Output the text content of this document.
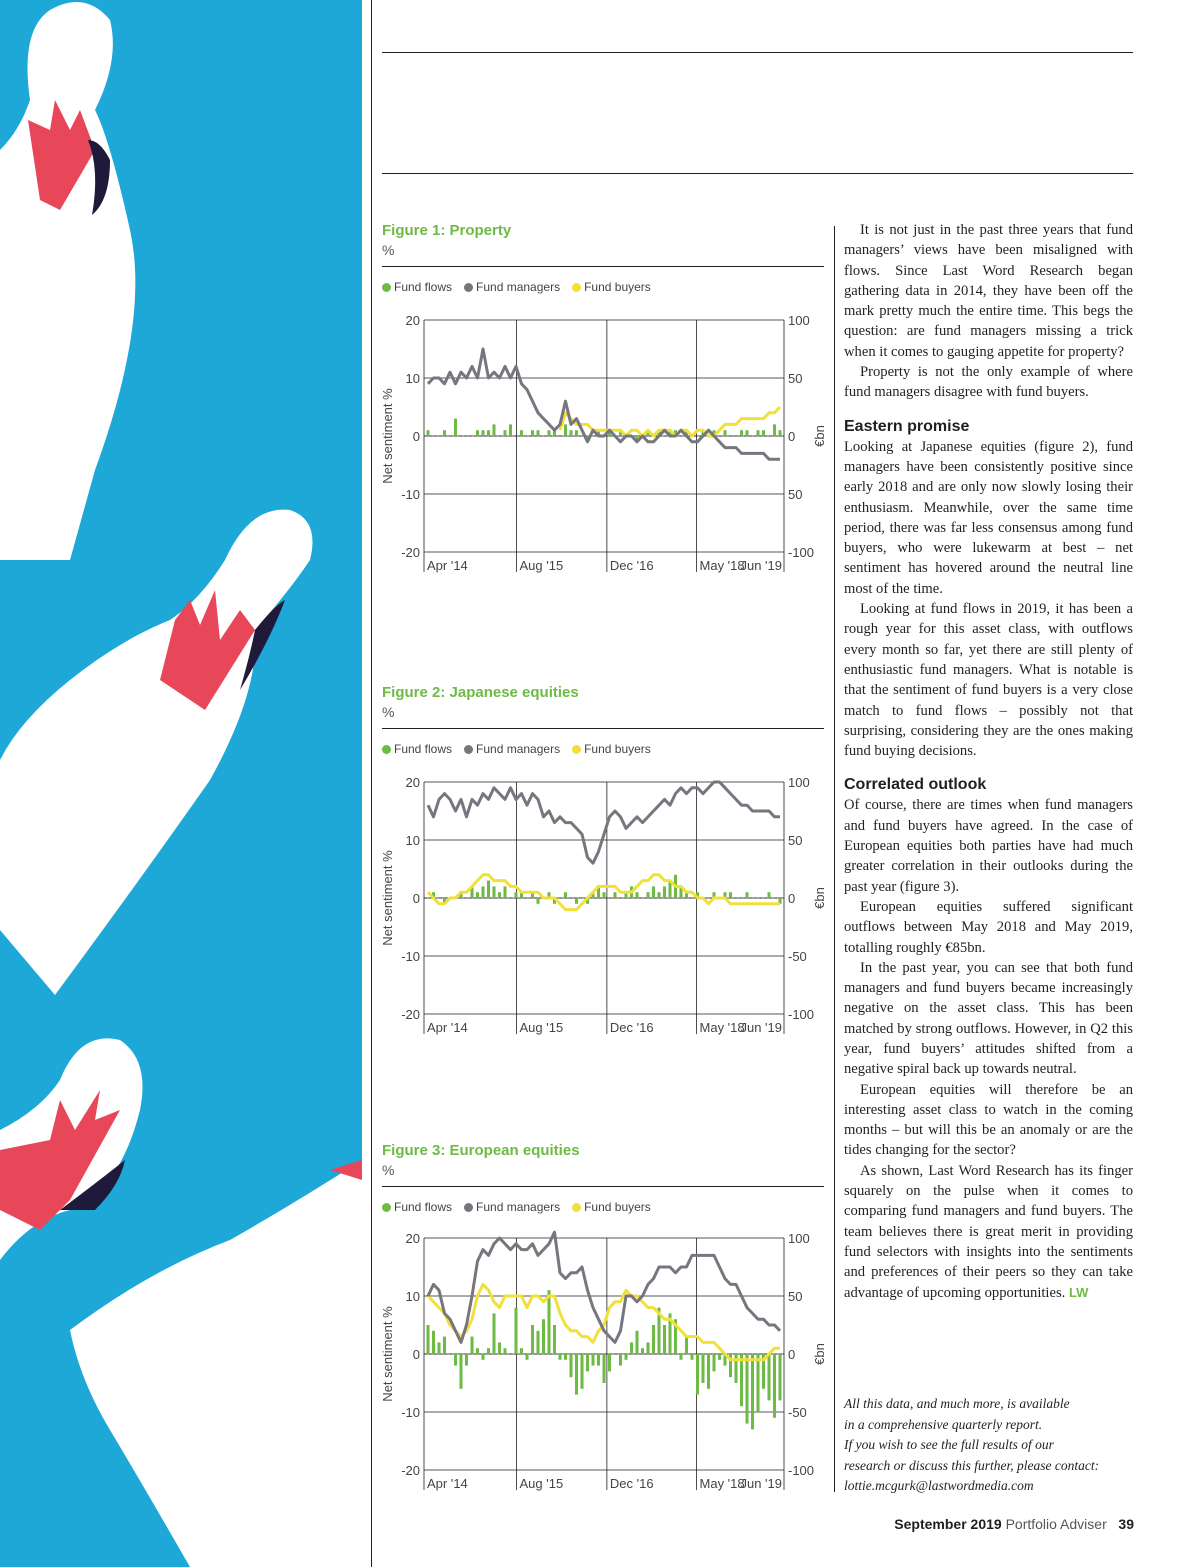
Figure 1: Property
%
Fund flows	Fund managers	Fund buyers
20	100
10	50
0	0
-10	50
-20	-100
Apr '14	Aug '15	Dec '16	May '18
Jun '19
Net sentiment %	€bn
Figure 2: Japanese equities
%
Fund flows	Fund managers	Fund buyers
20	100
10	50
0	0
-10	-50
-20	-100
Apr '14	Aug '15	Dec '16	May '18
Jun '19
Net sentiment %	€bn
Figure 3: European equities
%
Fund flows	Fund managers	Fund buyers
20	100
10	50
0	0
-10	-50
-20	-100
Apr '14	Aug '15	Dec '16	May '18
Jun '19
Net sentiment %	€bn

It is not just in the past three years that fund managers’ views have been misaligned with flows. Since Last Word Research began gathering data in 2014, they have been off the mark pretty much the entire time. This begs the question: are fund managers missing a trick when it comes to gauging appetite for property?

Property is not the only example of where fund managers disagree with fund buyers.

Eastern promise

Looking at Japanese equities (figure 2), fund managers have been consistently positive since early 2018 and are only now slowly losing their enthusiasm. Meanwhile, over the same time period, there was far less consensus among fund buyers, who were lukewarm at best – net sentiment has hovered around the neutral line most of the time.

Looking at fund flows in 2019, it has been a rough year for this asset class, with outflows every month so far, yet there are still plenty of enthusiastic fund managers. What is notable is that the sentiment of fund buyers is a very close match to fund flows – possibly not that surprising, considering they are the ones making fund buying decisions.

Correlated outlook

Of course, there are times when fund managers and fund buyers have agreed. In the case of European equities both parties have had much greater correlation in their outlooks during the past year (figure 3).

European equities suffered significant outflows between May 2018 and May 2019, totalling roughly €85bn.

In the past year, you can see that both fund managers and fund buyers became increasingly negative on the asset class. This has been matched by strong outflows. However, in Q2 this year, fund buyers’ attitudes shifted from a negative spiral back up towards neutral.

European equities will therefore be an interesting asset class to watch in the coming months – but will this be an anomaly or are the tides changing for the sector?

As shown, Last Word Research has its finger squarely on the pulse when it comes to comparing fund managers and fund buyers. The team believes there is great merit in providing fund selectors with insights into the sentiments and preferences of their peers so they can take advantage of upcoming opportunities. LW

All this data, and much more, is available
in a comprehensive quarterly report.
If you wish to see the full results of our
research or discuss this further, please contact:
lottie.mcgurk@lastwordmedia.com
September 2019 Portfolio Adviser 39
